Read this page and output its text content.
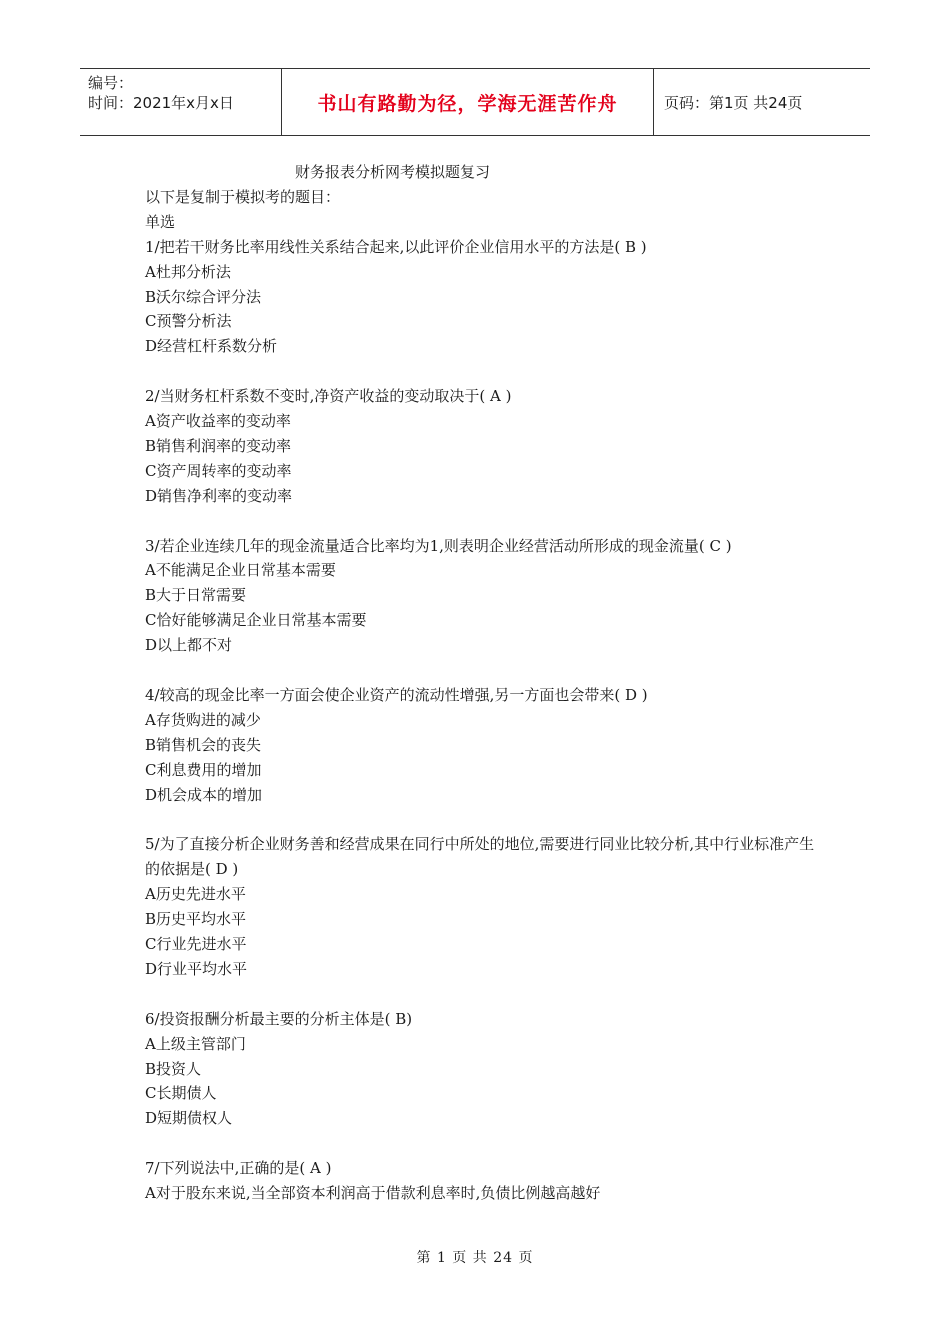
编号：
时间：2021年x月x日	书山有路勤为径，学海无涯苦作舟	页码：第1页 共24页
财务报表分析网考模拟题复习
以下是复制于模拟考的题目：
单选
1/把若干财务比率用线性关系结合起来,以此评价企业信用水平的方法是( B )
A杜邦分析法
B沃尔综合评分法
C预警分析法
D经营杠杆系数分析
2/当财务杠杆系数不变时,净资产收益的变动取决于( A )
A资产收益率的变动率
B销售利润率的变动率
C资产周转率的变动率
D销售净利率的变动率
3/若企业连续几年的现金流量适合比率均为1,则表明企业经营活动所形成的现金流量( C )
A不能满足企业日常基本需要
B大于日常需要
C恰好能够满足企业日常基本需要
D以上都不对
4/较高的现金比率一方面会使企业资产的流动性增强,另一方面也会带来( D )
A存货购进的减少
B销售机会的丧失
C利息费用的增加
D机会成本的增加
5/为了直接分析企业财务善和经营成果在同行中所处的地位,需要进行同业比较分析,其中行业标准产生的依据是( D )
A历史先进水平
B历史平均水平
C行业先进水平
D行业平均水平
6/投资报酬分析最主要的分析主体是( B)
A上级主管部门
B投资人
C长期债人
D短期债权人
7/下列说法中,正确的是( A )
A对于股东来说,当全部资本利润高于借款利息率时,负债比例越高越好
第 1 页 共 24 页
